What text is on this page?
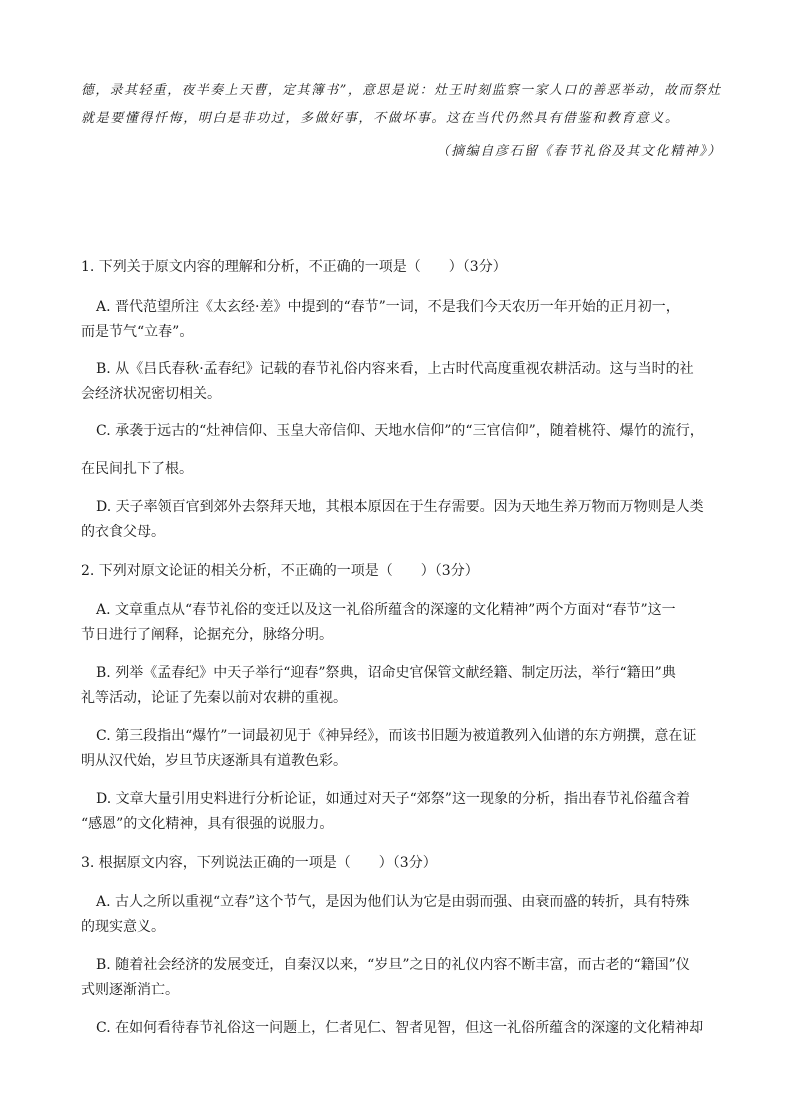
德，录其轻重，夜半奏上天曹，定其簿书”，意思是说：灶王时刻监察一家人口的善恶举动，故而祭灶
就是要懂得忏悔，明白是非功过，多做好事，不做坏事。这在当代仍然具有借鉴和教育意义。
（摘编自彦石留《春节礼俗及其文化精神》）
1. 下列关于原文内容的理解和分析，不正确的一项是（　　）（3分）
A. 晋代范望所注《太玄经·差》中提到的“春节”一词，不是我们今天农历一年开始的正月初一，
而是节气“立春”。
B. 从《吕氏春秋·孟春纪》记载的春节礼俗内容来看，上古时代高度重视农耕活动。这与当时的社
会经济状况密切相关。
C. 承袭于远古的“灶神信仰、玉皇大帝信仰、天地水信仰”的“三官信仰”，随着桃符、爆竹的流行，
在民间扎下了根。
D. 天子率领百官到郊外去祭拜天地，其根本原因在于生存需要。因为天地生养万物而万物则是人类
的衣食父母。
2. 下列对原文论证的相关分析，不正确的一项是（　　）（3分）
A. 文章重点从“春节礼俗的变迁以及这一礼俗所蕴含的深邃的文化精神”两个方面对“春节”这一
节日进行了阐释，论据充分，脉络分明。
B. 列举《孟春纪》中天子举行“迎春”祭典，诏命史官保管文献经籍、制定历法，举行“籍田”典
礼等活动，论证了先秦以前对农耕的重视。
C. 第三段指出“爆竹”一词最初见于《神异经》，而该书旧题为被道教列入仙谱的东方朔撰，意在证
明从汉代始，岁旦节庆逐渐具有道教色彩。
D. 文章大量引用史料进行分析论证，如通过对天子“郊祭”这一现象的分析，指出春节礼俗蕴含着
“感恩”的文化精神，具有很强的说服力。
3. 根据原文内容，下列说法正确的一项是（　　）（3分）
A. 古人之所以重视“立春”这个节气，是因为他们认为它是由弱而强、由衰而盛的转折，具有特殊
的现实意义。
B. 随着社会经济的发展变迁，自秦汉以来，“岁旦”之日的礼仪内容不断丰富，而古老的“籍国”仪
式则逐渐消亡。
C. 在如何看待春节礼俗这一问题上，仁者见仁、智者见智，但这一礼俗所蕴含的深邃的文化精神却
